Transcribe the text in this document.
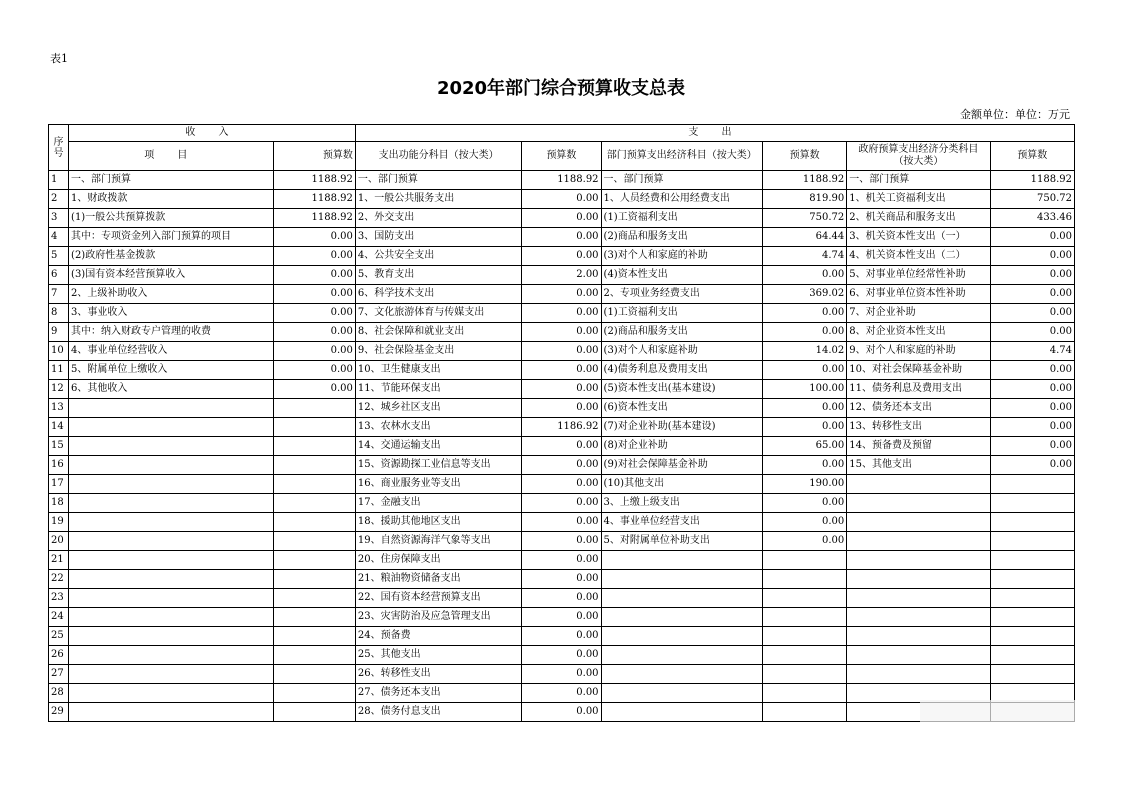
表1
2020年部门综合预算收支总表
金额单位：单位：万元
序号	收 入		支 出					
	项 目	预算数	支出功能分科目（按大类）	预算数	部门预算支出经济科目（按大类）	预算数	政府预算支出经济分类科目（按大类）	预算数
1	一、部门预算	1188.92	一、部门预算	1188.92	一、部门预算	1188.92	一、部门预算	1188.92
2	1、财政拨款	1188.92	1、一般公共服务支出	0.00	1、人员经费和公用经费支出	819.90	1、机关工资福利支出	750.72
3	(1)一般公共预算拨款	1188.92	2、外交支出	0.00	(1)工资福利支出	750.72	2、机关商品和服务支出	433.46
4	其中：专项资金列入部门预算的项目	0.00	3、国防支出	0.00	(2)商品和服务支出	64.44	3、机关资本性支出（一）	0.00
5	(2)政府性基金拨款	0.00	4、公共安全支出	0.00	(3)对个人和家庭的补助	4.74	4、机关资本性支出（二）	0.00
6	(3)国有资本经营预算收入	0.00	5、教育支出	2.00	(4)资本性支出	0.00	5、对事业单位经常性补助	0.00
7	2、上级补助收入	0.00	6、科学技术支出	0.00	2、专项业务经费支出	369.02	6、对事业单位资本性补助	0.00
8	3、事业收入	0.00	7、文化旅游体育与传媒支出	0.00	(1)工资福利支出	0.00	7、对企业补助	0.00
9	其中：纳入财政专户管理的收费	0.00	8、社会保障和就业支出	0.00	(2)商品和服务支出	0.00	8、对企业资本性支出	0.00
10	4、事业单位经营收入	0.00	9、社会保险基金支出	0.00	(3)对个人和家庭补助	14.02	9、对个人和家庭的补助	4.74
11	5、附属单位上缴收入	0.00	10、卫生健康支出	0.00	(4)债务利息及费用支出	0.00	10、对社会保障基金补助	0.00
12	6、其他收入	0.00	11、节能环保支出	0.00	(5)资本性支出(基本建设)	100.00	11、债务利息及费用支出	0.00
13			12、城乡社区支出	0.00	(6)资本性支出	0.00	12、债务还本支出	0.00
14			13、农林水支出	1186.92	(7)对企业补助(基本建设)	0.00	13、转移性支出	0.00
15			14、交通运输支出	0.00	(8)对企业补助	65.00	14、预备费及预留	0.00
16			15、资源勘探工业信息等支出	0.00	(9)对社会保障基金补助	0.00	15、其他支出	0.00
17			16、商业服务业等支出	0.00	(10)其他支出	190.00		
18			17、金融支出	0.00	3、上缴上级支出	0.00		
19			18、援助其他地区支出	0.00	4、事业单位经营支出	0.00		
20			19、自然资源海洋气象等支出	0.00	5、对附属单位补助支出	0.00		
21			20、住房保障支出	0.00				
22			21、粮油物资储备支出	0.00				
23			22、国有资本经营预算支出	0.00				
24			23、灾害防治及应急管理支出	0.00				
25			24、预备费	0.00				
26			25、其他支出	0.00				
27			26、转移性支出	0.00				
28			27、债务还本支出	0.00				
29			28、债务付息支出	0.00				
